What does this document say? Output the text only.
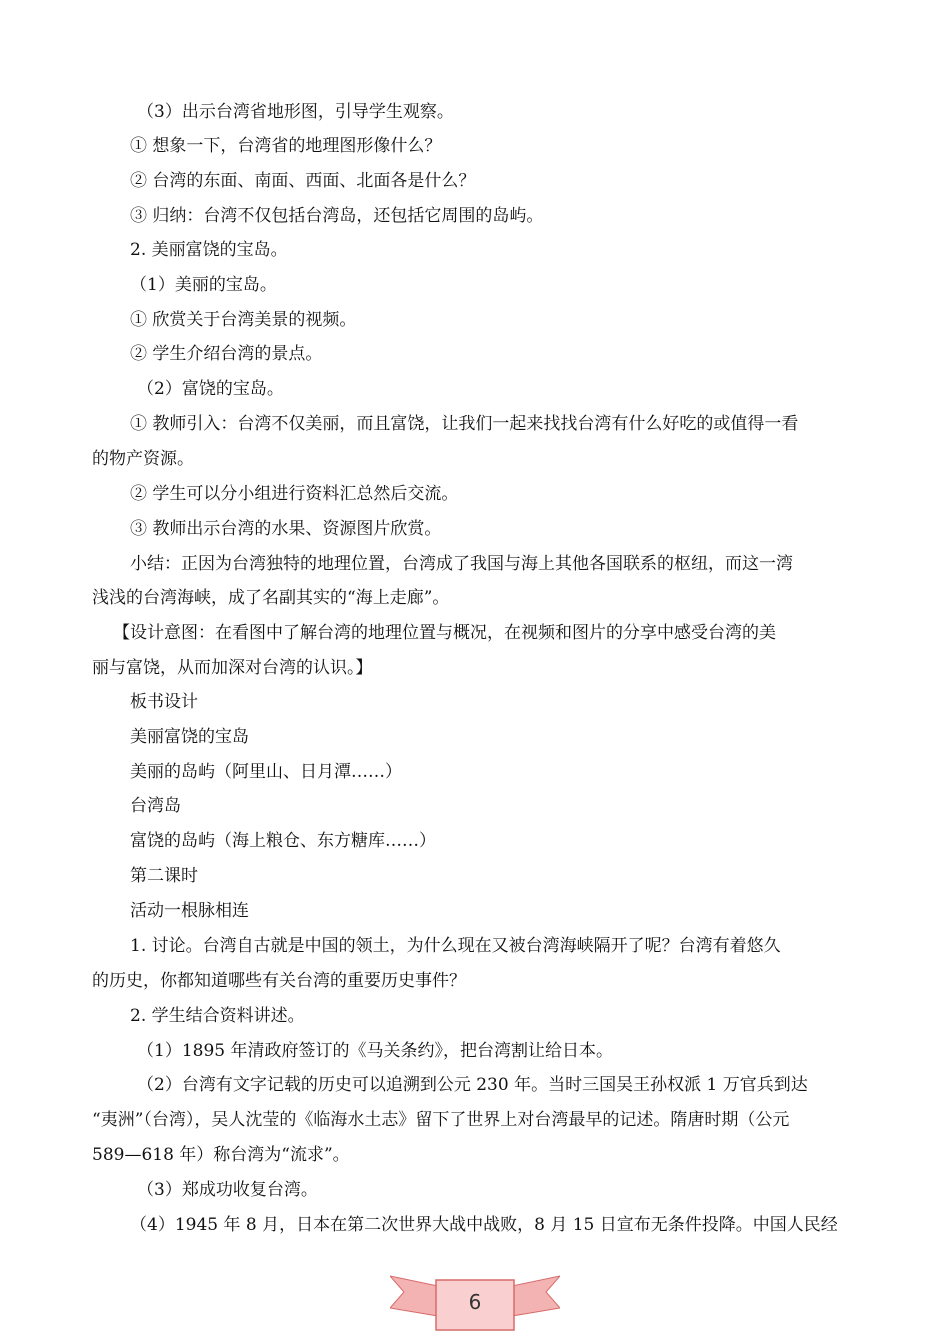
（3）出示台湾省地形图，引导学生观察。
① 想象一下，台湾省的地理图形像什么？
② 台湾的东面、南面、西面、北面各是什么？
③ 归纳：台湾不仅包括台湾岛，还包括它周围的岛屿。
2. 美丽富饶的宝岛。
（1）美丽的宝岛。
① 欣赏关于台湾美景的视频。
② 学生介绍台湾的景点。
（2）富饶的宝岛。
① 教师引入：台湾不仅美丽，而且富饶，让我们一起来找找台湾有什么好吃的或值得一看
的物产资源。
② 学生可以分小组进行资料汇总然后交流。
③ 教师出示台湾的水果、资源图片欣赏。
小结：正因为台湾独特的地理位置，台湾成了我国与海上其他各国联系的枢纽，而这一湾
浅浅的台湾海峡，成了名副其实的“海上走廊”。
【设计意图：在看图中了解台湾的地理位置与概况，在视频和图片的分享中感受台湾的美
丽与富饶，从而加深对台湾的认识。】
板书设计
美丽富饶的宝岛
美丽的岛屿（阿里山、日月潭……）
台湾岛
富饶的岛屿（海上粮仓、东方糖库……）
第二课时
活动一根脉相连
1. 讨论。台湾自古就是中国的领土，为什么现在又被台湾海峡隔开了呢？台湾有着悠久
的历史，你都知道哪些有关台湾的重要历史事件？
2. 学生结合资料讲述。
（1）1895 年清政府签订的《马关条约》，把台湾割让给日本。
（2）台湾有文字记载的历史可以追溯到公元 230 年。当时三国吴王孙权派 1 万官兵到达
“夷洲”（台湾），吴人沈莹的《临海水土志》留下了世界上对台湾最早的记述。隋唐时期（公元
589—618 年）称台湾为“流求”。
（3）郑成功收复台湾。
（4）1945 年 8 月，日本在第二次世界大战中战败，8 月 15 日宣布无条件投降。中国人民经
6
